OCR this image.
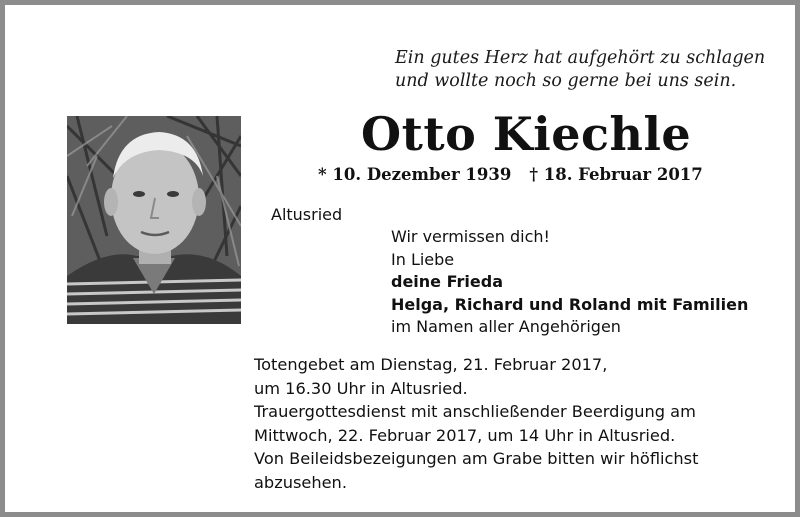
Ein gutes Herz hat aufgehört zu schlagen
und wollte noch so gerne bei uns sein.
Otto Kiechle
* 10. Dezember 1939 † 18. Februar 2017
Altusried
Wir vermissen dich!
In Liebe
deine Frieda
Helga, Richard und Roland mit Familien
im Namen aller Angehörigen
Totengebet am Dienstag, 21. Februar 2017,
um 16.30 Uhr in Altusried.
Trauergottesdienst mit anschließender Beerdigung am
Mittwoch, 22. Februar 2017, um 14 Uhr in Altusried.
Von Beileidsbezeigungen am Grabe bitten wir höflichst
abzusehen.
